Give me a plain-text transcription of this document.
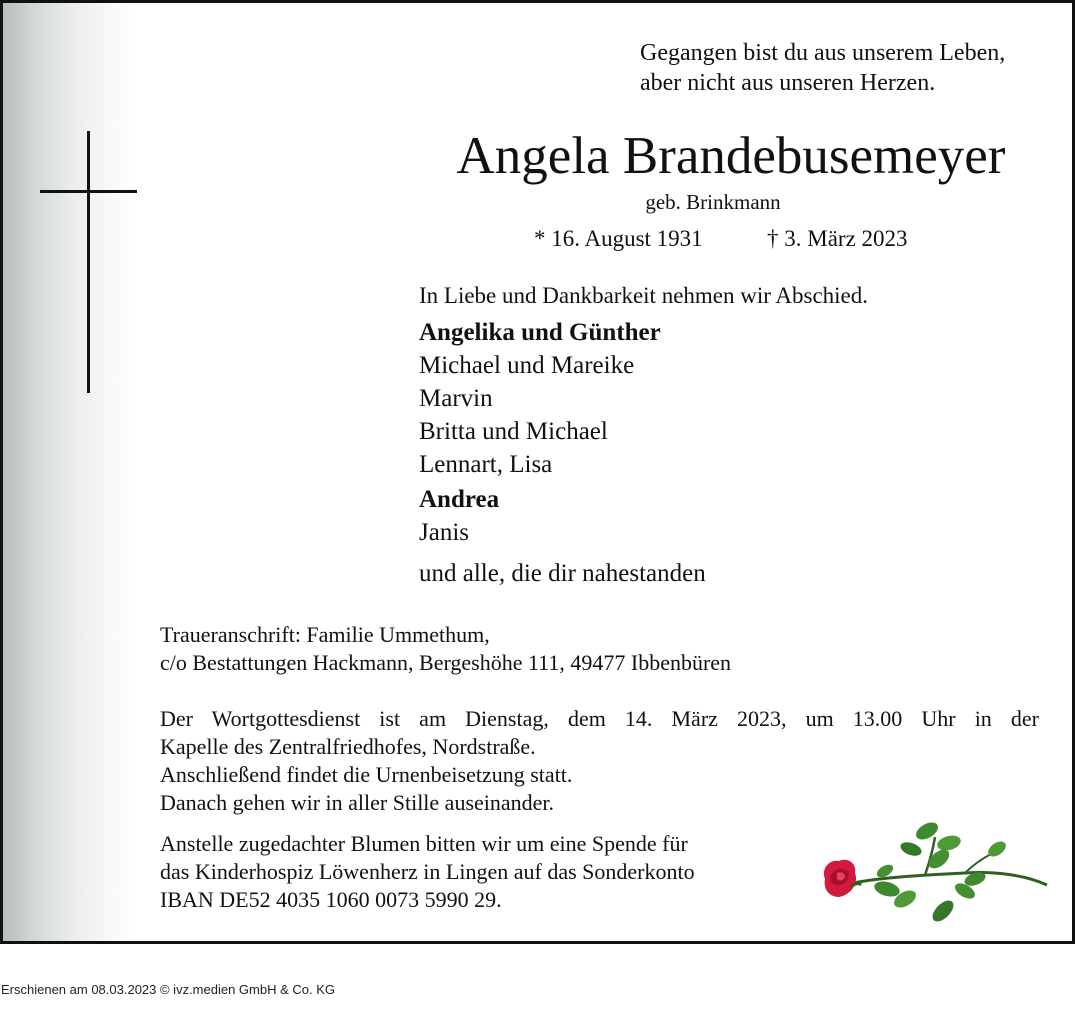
Gegangen bist du aus unserem Leben,
aber nicht aus unseren Herzen.
Angela Brandebusemeyer
geb. Brinkmann
* 16. August 1931	† 3. März 2023
In Liebe und Dankbarkeit nehmen wir Abschied.
Angelika und Günther
Michael und Mareike
Marvin
Britta und Michael
Lennart, Lisa
Andrea
Janis
und alle, die dir nahestanden
Traueranschrift: Familie Ummethum,
c/o Bestattungen Hackmann, Bergeshöhe 111, 49477 Ibbenbüren
Der Wortgottesdienst ist am Dienstag, dem 14. März 2023, um 13.00 Uhr in der
Kapelle des Zentralfriedhofes, Nordstraße.
Anschließend findet die Urnenbeisetzung statt.
Danach gehen wir in aller Stille auseinander.
Anstelle zugedachter Blumen bitten wir um eine Spende für
das Kinderhospiz Löwenherz in Lingen auf das Sonderkonto
IBAN DE52 4035 1060 0073 5990 29.
Erschienen am 08.03.2023 © ivz.medien GmbH & Co. KG
